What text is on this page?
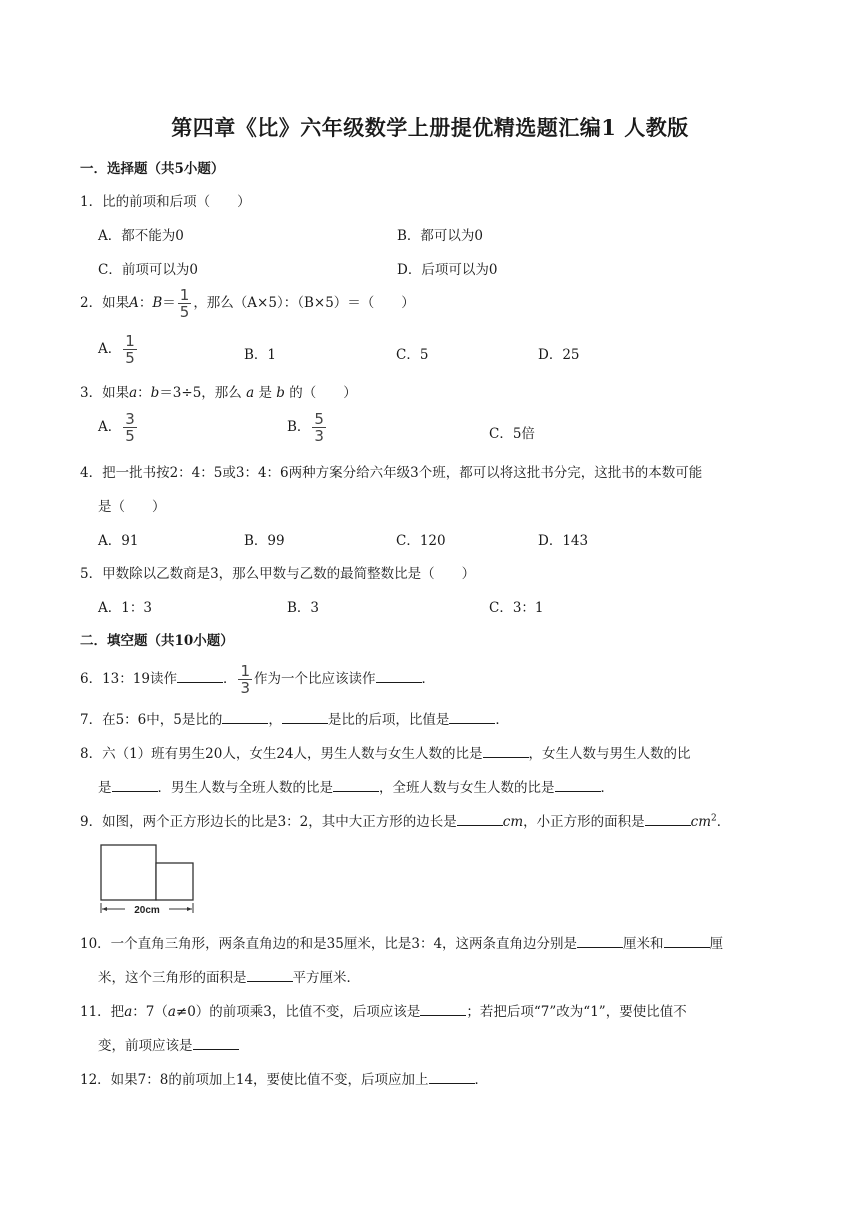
第四章《比》六年级数学上册提优精选题汇编1 人教版
一．选择题（共5小题）
1．比的前项和后项（　　）
A．都不能为0	B．都可以为0
C．前项可以为0	D．后项可以为0
2．如果A：$B= \frac{1}{5}$ ，那么（A×5）：（B×5）＝（　　）
A． $\frac{1}{5}$	B．1	C．5	D．25
3．如果a：b＝3÷5，那么 a 是 b 的（　　）
A． $\frac{3}{5}$	B． $\frac{5}{3}$	C．5倍
4．把一批书按2：4：5或3：4：6两种方案分给六年级3个班，都可以将这批书分完，这批书的本数可能
是（　　）
A．91	B．99	C．120	D．143
5．甲数除以乙数商是3，那么甲数与乙数的最简整数比是（　　）
A．1：3	B．3	C．3：1
二．填空题（共10小题）
6．13：19读作	． $\frac{1}{3}$ 作为一个比应该读作	．
7．在5：6中，5是比的	，	是比的后项，比值是	．
8．六（1）班有男生20人，女生24人，男生人数与女生人数的比是	，女生人数与男生人数的比
是	．男生人数与全班人数的比是	，全班人数与女生人数的比是	．
9．如图，两个正方形边长的比是3：2，其中大正方形的边长是	cm，小正方形的面积是	$cm^2$．
20cm
10．一个直角三角形，两条直角边的和是35厘米，比是3：4，这两条直角边分别是	厘米和	厘
米，这个三角形的面积是	平方厘米．
11．把a：7（a≠0）的前项乘3，比值不变，后项应该是	；若把后项“7”改为“1”，要使比值不
变，前项应该是
12．如果7：8的前项加上14，要使比值不变，后项应加上	．
